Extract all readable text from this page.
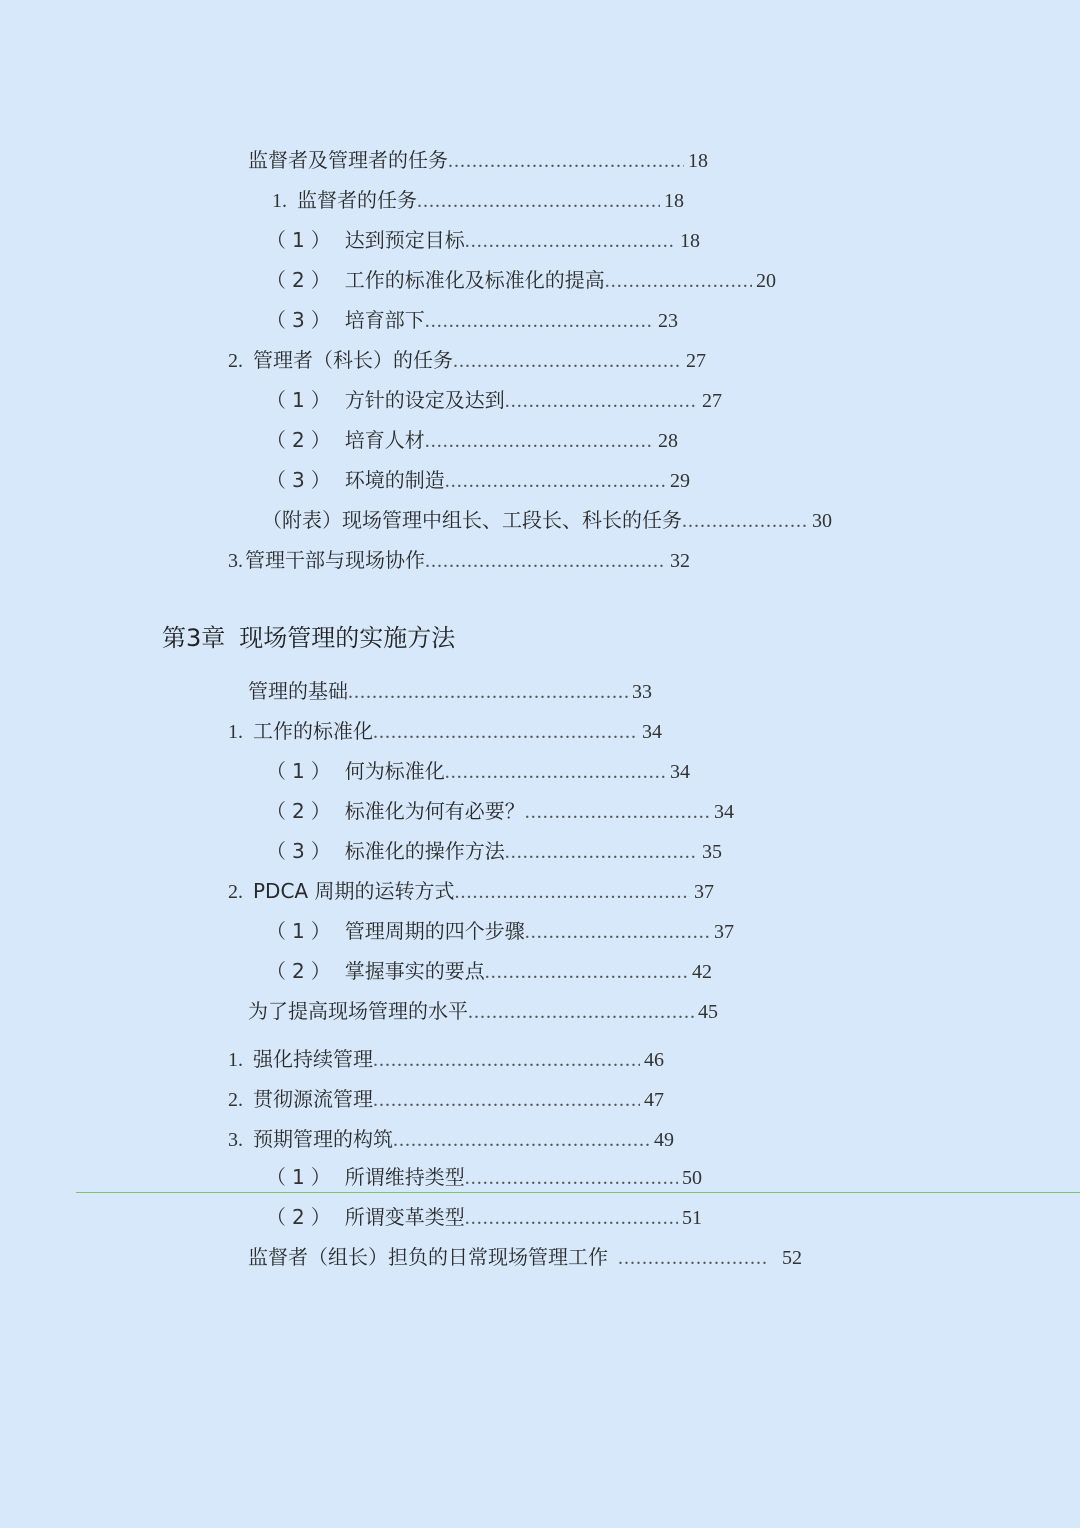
监督者及管理者的任务 .....	18
1. 监督者的任务 .....	18
（1） 达到预定目标 .....	18
（2） 工作的标准化及标准化的提高 .....	20
（3） 培育部下 .....	23
2. 管理者（科长）的任务 .....	27
（1） 方针的设定及达到 .....	27
（2） 培育人材 .....	28
（3） 环境的制造 .....	29
（附表）现场管理中组长、工段长、科长的任务 .....	30
3. 管理干部与现场协作 .....	32
第3章 现场管理的实施方法
管理的基础 .....	33
1. 工作的标准化 .....	34
（1） 何为标准化 .....	34
（2） 标准化为何有必要？ .....	34
（3） 标准化的操作方法 .....	35
2. PDCA 周期的运转方式 .....	37
（1） 管理周期的四个步骤 .....	37
（2） 掌握事实的要点 .....	42
为了提高现场管理的水平 .....	45
1. 强化持续管理 .....	46
2. 贯彻源流管理 .....	47
3. 预期管理的构筑 .....	49
（1） 所谓维持类型 .....	50
（2） 所谓变革类型 .....	51
监督者（组长）担负的日常现场管理工作 .....	52
